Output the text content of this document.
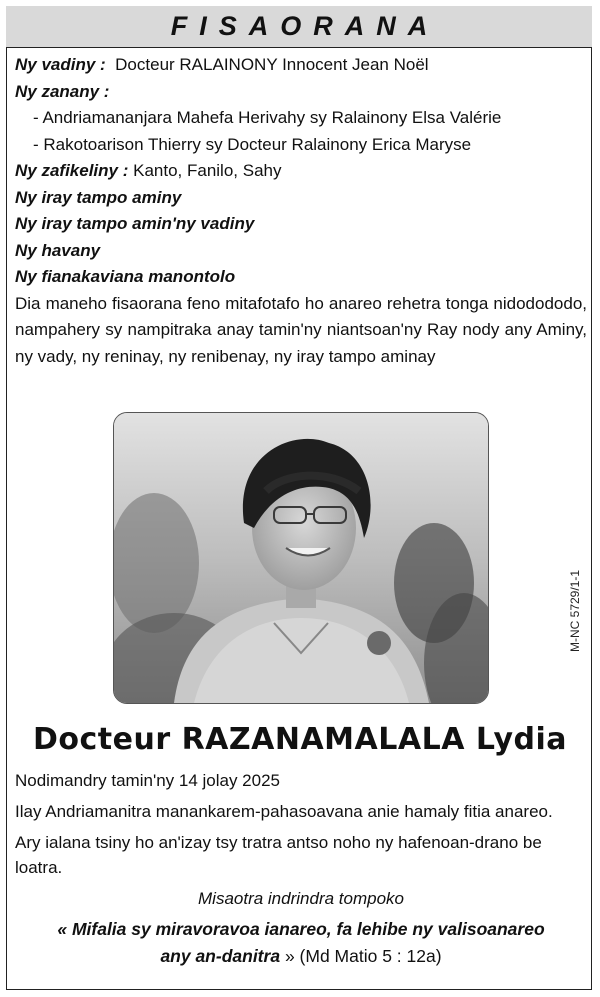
FISAORANA
Ny vadiny : Docteur RALAINONY Innocent Jean Noël
Ny zanany :
- Andriamananjara Mahefa Herivahy sy Ralainony Elsa Valérie
- Rakotoarison Thierry sy Docteur Ralainony Erica Maryse
Ny zafikeliny : Kanto, Fanilo, Sahy
Ny iray tampo aminy
Ny iray tampo amin'ny vadiny
Ny havany
Ny fianakaviana manontolo
Dia maneho fisaorana feno mitafotafo ho anareo rehetra tonga nidodododo, nampahery sy nampitraka anay tamin'ny niantsoan'ny Ray nody any Aminy, ny vady, ny reninay, ny renibenay, ny iray tampo aminay
M-NC 5729/1-1
Docteur RAZANAMALALA Lydia
Nodimandry tamin'ny 14 jolay 2025
Ilay Andriamanitra manankarem-pahasoavana anie hamaly fitia anareo.
Ary ialana tsiny ho an'izay tsy tratra antso noho ny hafenoan-drano be loatra.
Misaotra indrindra tompoko
« Mifalia sy miravoravoa ianareo, fa lehibe ny valisoanareo
any an-danitra » (Md Matio 5 : 12a)
